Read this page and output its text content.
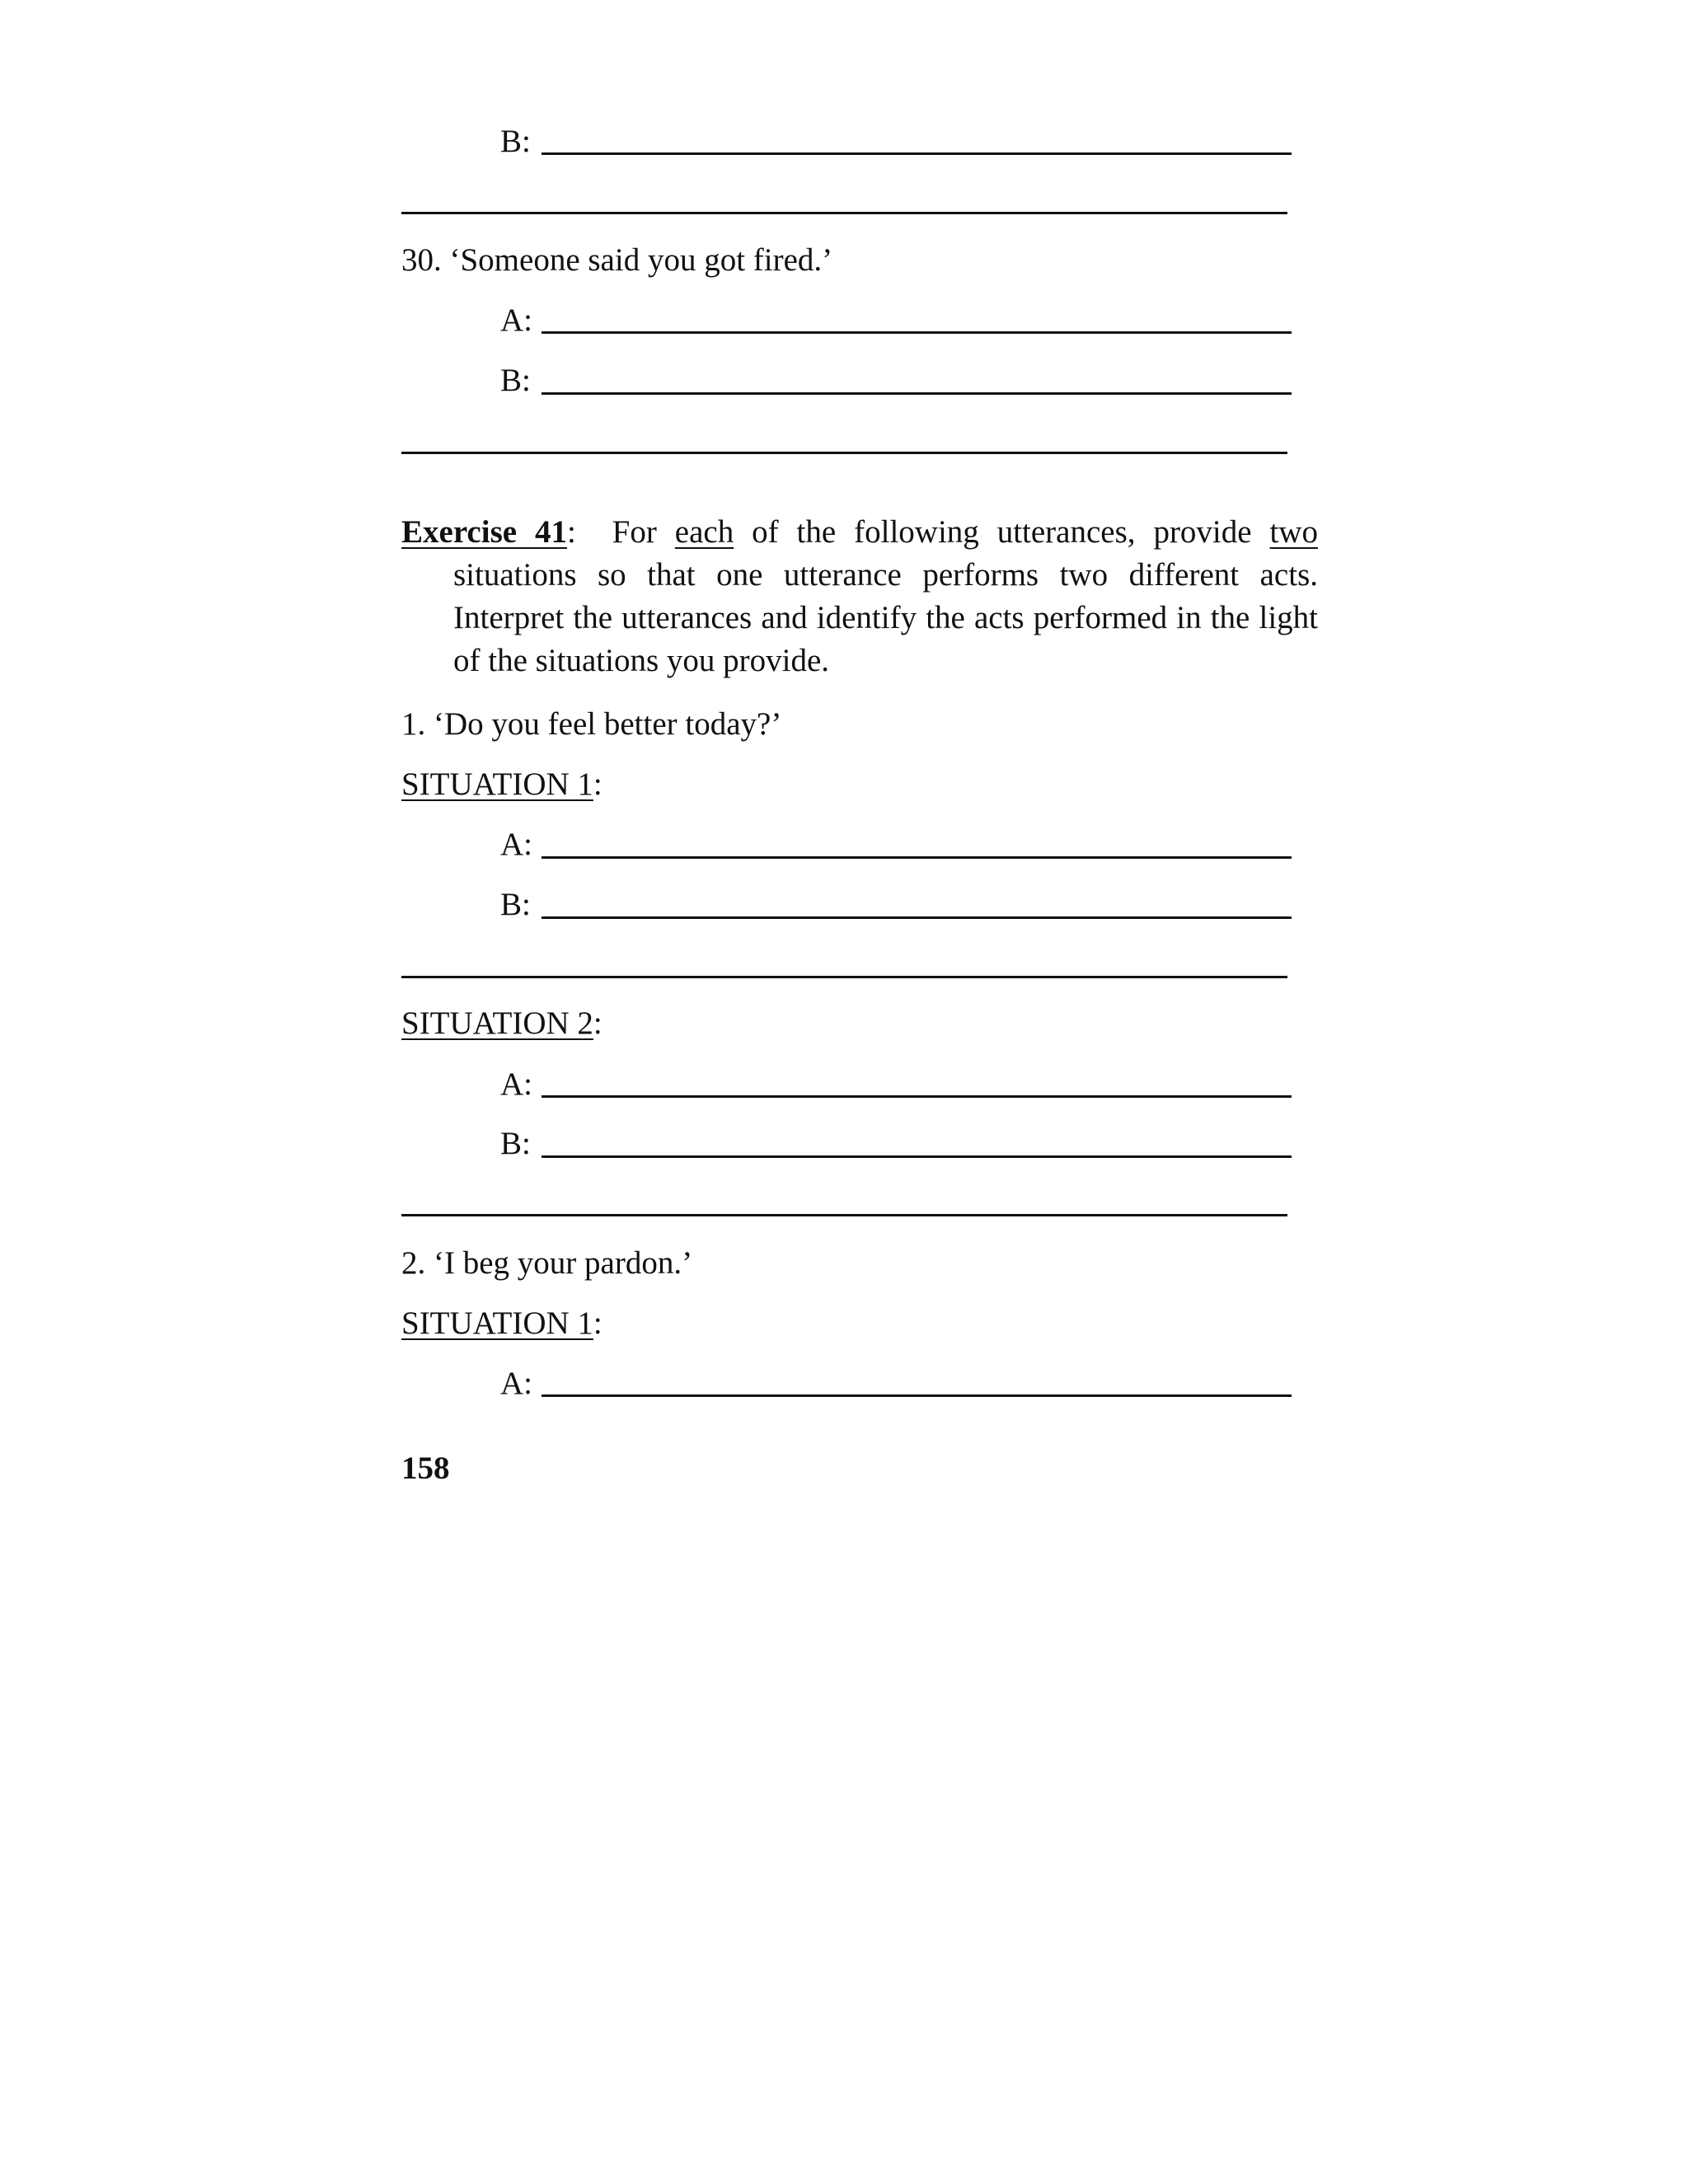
B:
30. ‘Someone said you got fired.’
A:
B:
Exercise 41:  For each of the following utterances, provide two situations so that one utterance performs two different acts. Interpret the utterances and identify the acts performed in the light of the situations you provide.
1. ‘Do you feel better today?’
SITUATION 1:
A:
B:
SITUATION 2:
A:
B:
2. ‘I beg your pardon.’
SITUATION 1:
A:
158
